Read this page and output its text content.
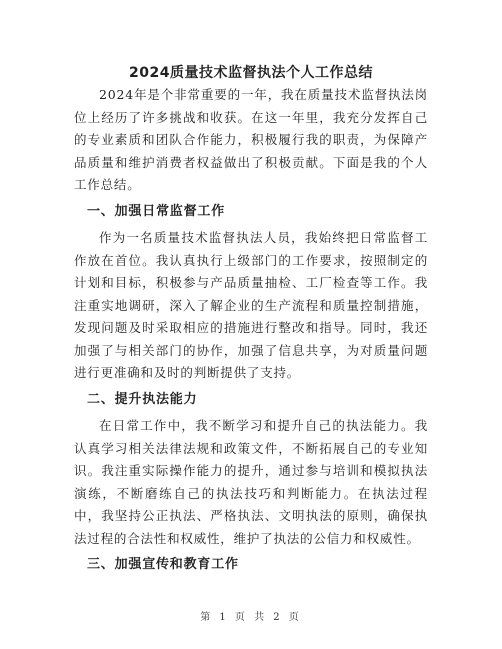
2024质量技术监督执法个人工作总结

2024年是个非常重要的一年，我在质量技术监督执法岗位上经历了许多挑战和收获。在这一年里，我充分发挥自己的专业素质和团队合作能力，积极履行我的职责，为保障产品质量和维护消费者权益做出了积极贡献。下面是我的个人工作总结。

一、加强日常监督工作

作为一名质量技术监督执法人员，我始终把日常监督工作放在首位。我认真执行上级部门的工作要求，按照制定的计划和目标，积极参与产品质量抽检、工厂检查等工作。我注重实地调研，深入了解企业的生产流程和质量控制措施，发现问题及时采取相应的措施进行整改和指导。同时，我还加强了与相关部门的协作，加强了信息共享，为对质量问题进行更准确和及时的判断提供了支持。

二、提升执法能力

在日常工作中，我不断学习和提升自己的执法能力。我认真学习相关法律法规和政策文件，不断拓展自己的专业知识。我注重实际操作能力的提升，通过参与培训和模拟执法演练，不断磨练自己的执法技巧和判断能力。在执法过程中，我坚持公正执法、严格执法、文明执法的原则，确保执法过程的合法性和权威性，维护了执法的公信力和权威性。

三、加强宣传和教育工作
第 1 页 共 2 页
